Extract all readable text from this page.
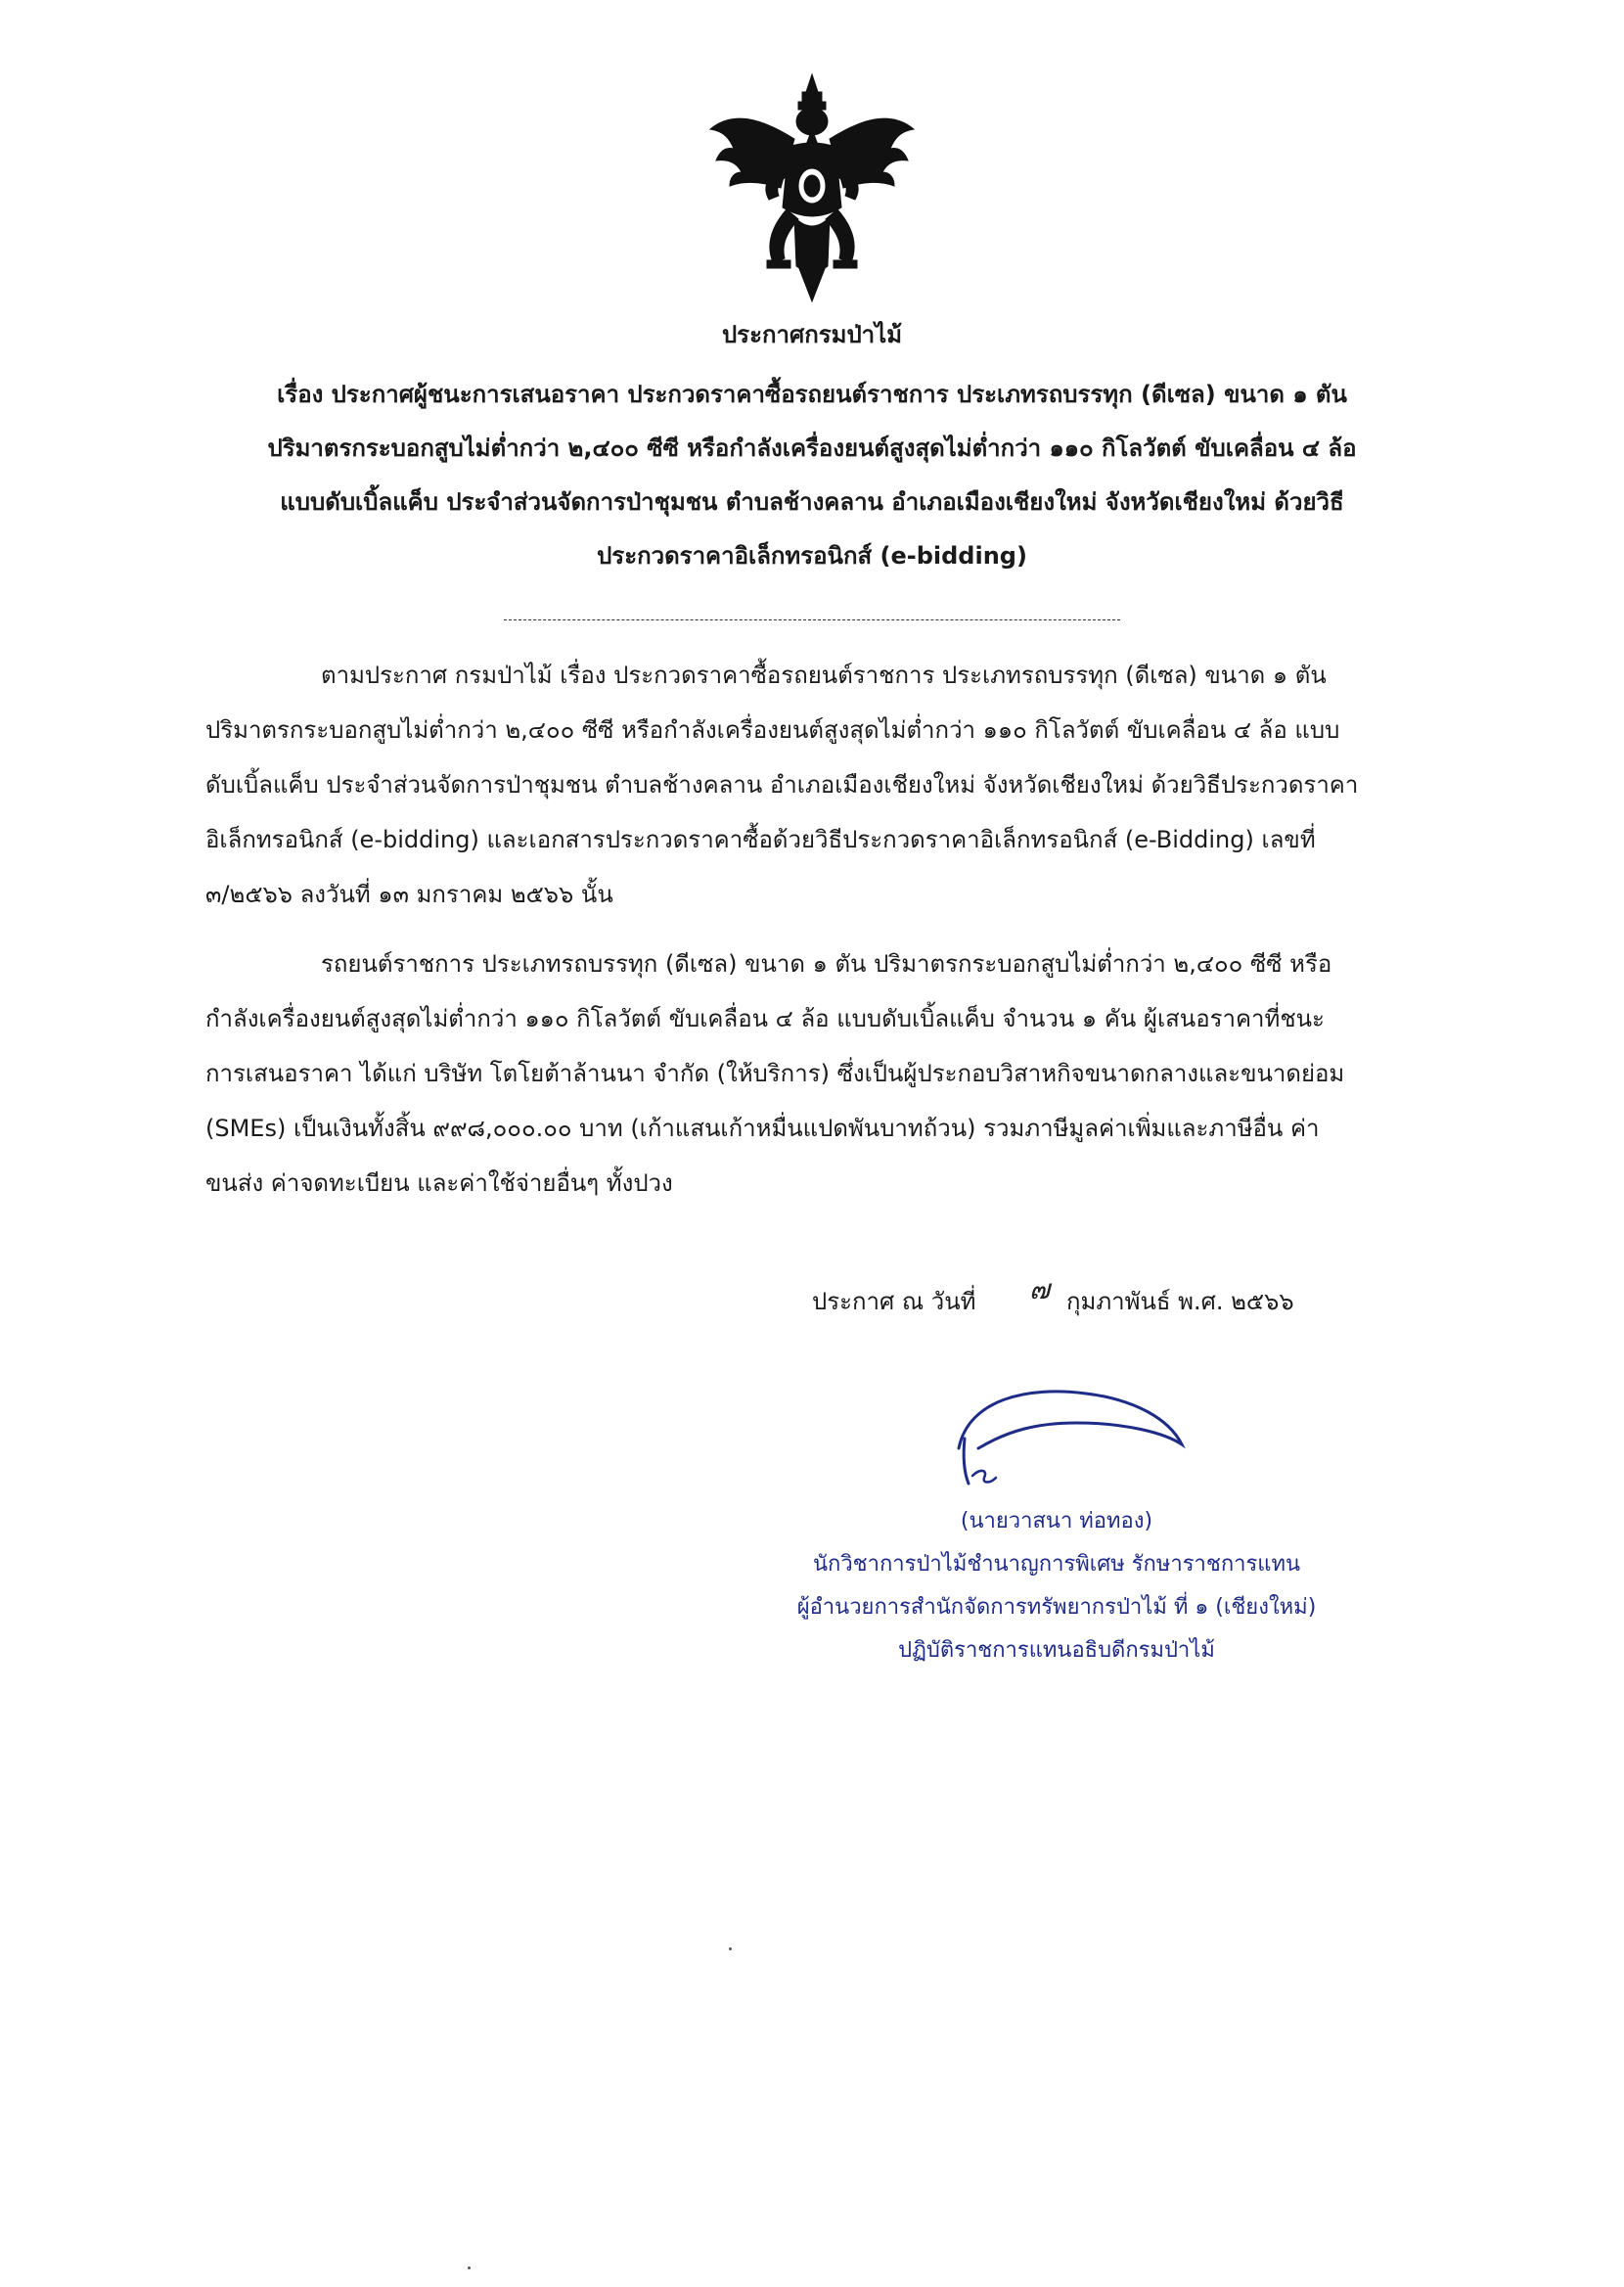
ประกาศกรมป่าไม้
เรื่อง ประกาศผู้ชนะการเสนอราคา ประกวดราคาซื้อรถยนต์ราชการ ประเภทรถบรรทุก (ดีเซล) ขนาด ๑ ตัน
ปริมาตรกระบอกสูบไม่ต่ำกว่า ๒,๔๐๐ ซีซี หรือกำลังเครื่องยนต์สูงสุดไม่ต่ำกว่า ๑๑๐ กิโลวัตต์ ขับเคลื่อน ๔ ล้อ
แบบดับเบิ้ลแค็บ ประจำส่วนจัดการป่าชุมชน ตำบลช้างคลาน อำเภอเมืองเชียงใหม่ จังหวัดเชียงใหม่ ด้วยวิธี
ประกวดราคาอิเล็กทรอนิกส์ (e-bidding)
ตามประกาศ กรมป่าไม้ เรื่อง ประกวดราคาซื้อรถยนต์ราชการ ประเภทรถบรรทุก (ดีเซล) ขนาด ๑ ตัน
ปริมาตรกระบอกสูบไม่ต่ำกว่า ๒,๔๐๐ ซีซี หรือกำลังเครื่องยนต์สูงสุดไม่ต่ำกว่า ๑๑๐ กิโลวัตต์ ขับเคลื่อน ๔ ล้อ แบบ
ดับเบิ้ลแค็บ ประจำส่วนจัดการป่าชุมชน ตำบลช้างคลาน อำเภอเมืองเชียงใหม่ จังหวัดเชียงใหม่ ด้วยวิธีประกวดราคา
อิเล็กทรอนิกส์ (e-bidding) และเอกสารประกวดราคาซื้อด้วยวิธีประกวดราคาอิเล็กทรอนิกส์ (e-Bidding) เลขที่
๓/๒๕๖๖ ลงวันที่ ๑๓ มกราคม ๒๕๖๖ นั้น
รถยนต์ราชการ ประเภทรถบรรทุก (ดีเซล) ขนาด ๑ ตัน ปริมาตรกระบอกสูบไม่ต่ำกว่า ๒,๔๐๐ ซีซี หรือ
กำลังเครื่องยนต์สูงสุดไม่ต่ำกว่า ๑๑๐ กิโลวัตต์ ขับเคลื่อน ๔ ล้อ แบบดับเบิ้ลแค็บ จำนวน ๑ คัน ผู้เสนอราคาที่ชนะ
การเสนอราคา ได้แก่ บริษัท โตโยต้าล้านนา จำกัด (ให้บริการ) ซึ่งเป็นผู้ประกอบวิสาหกิจขนาดกลางและขนาดย่อม
(SMEs) เป็นเงินทั้งสิ้น ๙๙๘,๐๐๐.๐๐ บาท (เก้าแสนเก้าหมื่นแปดพันบาทถ้วน) รวมภาษีมูลค่าเพิ่มและภาษีอื่น ค่า
ขนส่ง ค่าจดทะเบียน และค่าใช้จ่ายอื่นๆ ทั้งปวง
ประกาศ ณ วันที่ ๗ กุมภาพันธ์ พ.ศ. ๒๕๖๖
(นายวาสนา ท่อทอง)
นักวิชาการป่าไม้ชำนาญการพิเศษ รักษาราชการแทน
ผู้อำนวยการสำนักจัดการทรัพยากรป่าไม้ ที่ ๑ (เชียงใหม่)
ปฏิบัติราชการแทนอธิบดีกรมป่าไม้
